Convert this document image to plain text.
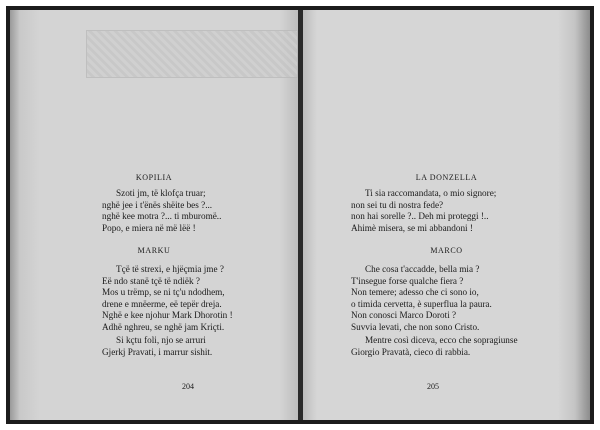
KOPILIA
Szoti jm, të klofça truar;
nghë jee i t'ënës shëite bes ?...
nghë kee motra ?... ti mburomë..
Popo, e miera në më lëë !
MARKU
Tçë të strexi, e hjëçmia jme ?
Eë ndo stanë tçë të ndiëk ?
Mos u trëmp, se ni tç'u ndodhem,
drene e mnëerme, eë tepër dreja.
Nghë e kee njohur Mark Dhorotin !
Adhë nghreu, se nghë jam Kriçti.
Si kçtu foli, njo se arruri
Gjerkj Pravati, i marrur sishit.
204
LA DONZELLA
Ti sia raccomandata, o mio signore;
non sei tu di nostra fede?
non hai sorelle ?.. Deh mi proteggi !..
Ahimè misera, se mi abbandoni !
MARCO
Che cosa t'accadde, bella mia ?
T'insegue forse qualche fiera ?
Non temere; adesso che ci sono io,
o timida cervetta, è superflua la paura.
Non conosci Marco Doroti ?
Suvvia levati, che non sono Cristo.
Mentre così diceva, ecco che sopragiunse
Giorgio Pravatà, cieco di rabbia.
205
